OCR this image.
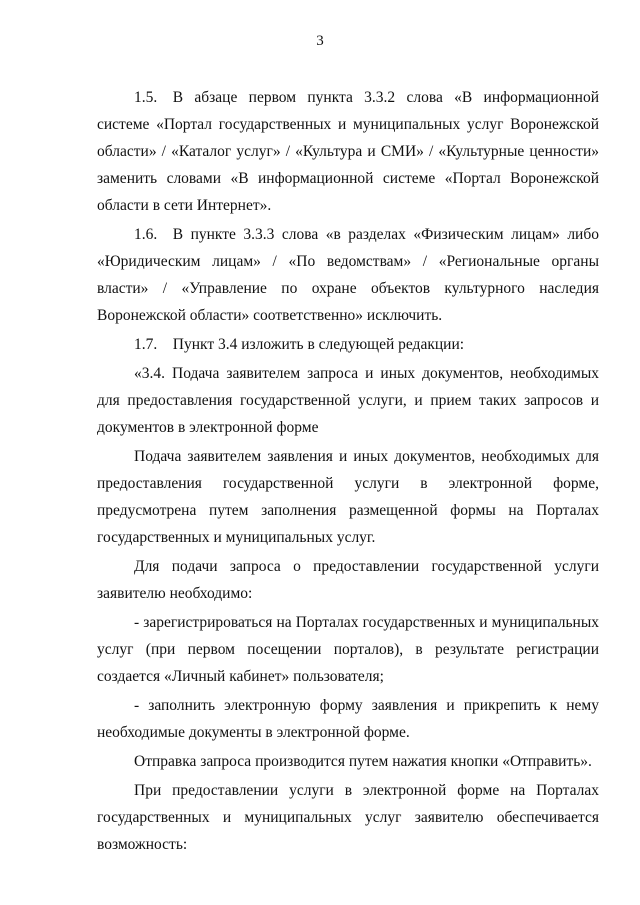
3

1.5. В абзаце первом пункта 3.3.2 слова «В информационной системе «Портал государственных и муниципальных услуг Воронежской области» / «Каталог услуг» / «Культура и СМИ» / «Культурные ценности» заменить словами «В информационной системе «Портал Воронежской области в сети Интернет».

1.6. В пункте 3.3.3 слова «в разделах «Физическим лицам» либо «Юридическим лицам» / «По ведомствам» / «Региональные органы власти» / «Управление по охране объектов культурного наследия Воронежской области» соответственно» исключить.

1.7. Пункт 3.4 изложить в следующей редакции:

«3.4. Подача заявителем запроса и иных документов, необходимых для предоставления государственной услуги, и прием таких запросов и документов в электронной форме

Подача заявителем заявления и иных документов, необходимых для предоставления государственной услуги в электронной форме, предусмотрена путем заполнения размещенной формы на Порталах государственных и муниципальных услуг.

Для подачи запроса о предоставлении государственной услуги заявителю необходимо:

- зарегистрироваться на Порталах государственных и муниципальных услуг (при первом посещении порталов), в результате регистрации создается «Личный кабинет» пользователя;

- заполнить электронную форму заявления и прикрепить к нему необходимые документы в электронной форме.

Отправка запроса производится путем нажатия кнопки «Отправить».

При предоставлении услуги в электронной форме на Порталах государственных и муниципальных услуг заявителю обеспечивается возможность:
